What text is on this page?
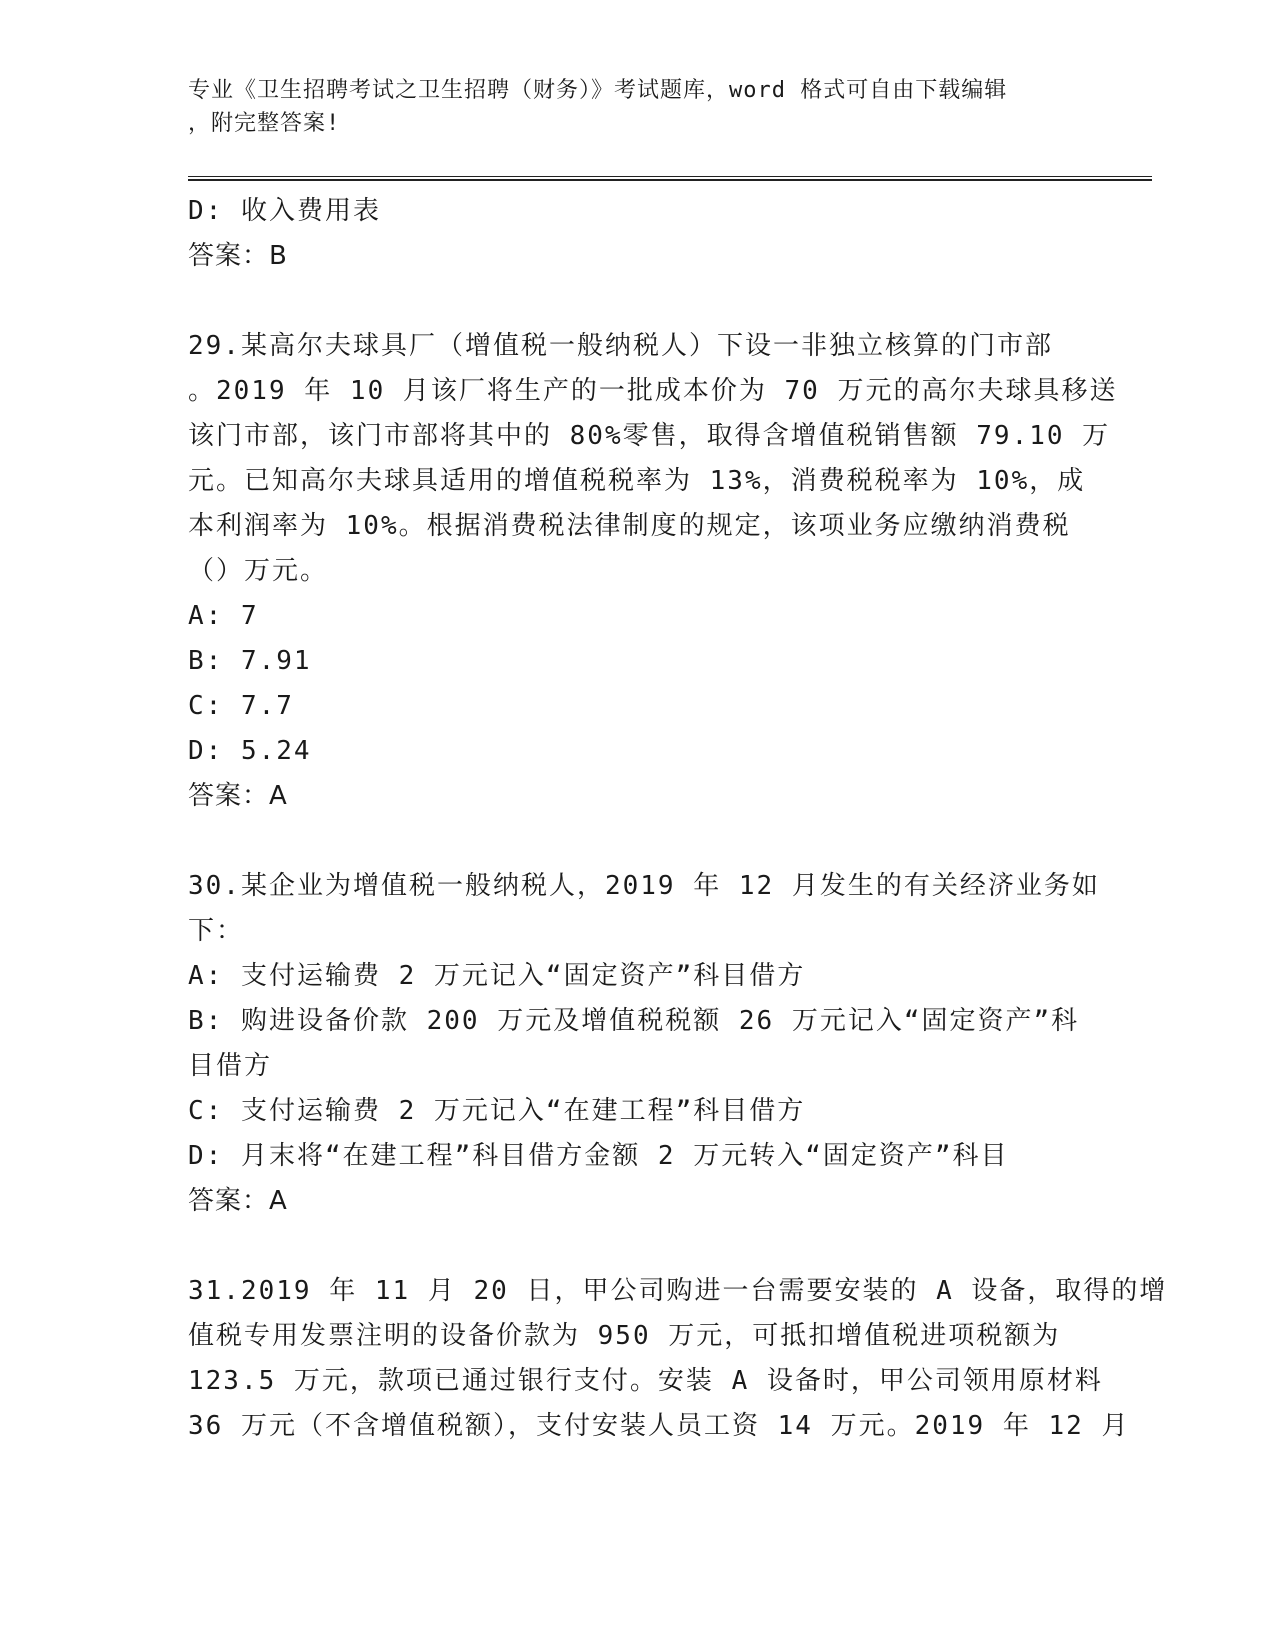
专业《卫生招聘考试之卫生招聘（财务）》考试题库，word 格式可自由下载编辑
，附完整答案!
D: 收入费用表
答案：B
29.某高尔夫球具厂（增值税一般纳税人）下设一非独立核算的门市部
。2019 年 10 月该厂将生产的一批成本价为 70 万元的高尔夫球具移送
该门市部，该门市部将其中的 80%零售，取得含增值税销售额 79.10 万
元。已知高尔夫球具适用的增值税税率为 13%，消费税税率为 10%，成
本利润率为 10%。根据消费税法律制度的规定，该项业务应缴纳消费税
（）万元。
A: 7
B: 7.91
C: 7.7
D: 5.24
答案：A
30.某企业为增值税一般纳税人，2019 年 12 月发生的有关经济业务如
下：
A: 支付运输费 2 万元记入“固定资产”科目借方
B: 购进设备价款 200 万元及增值税税额 26 万元记入“固定资产”科
目借方
C: 支付运输费 2 万元记入“在建工程”科目借方
D: 月末将“在建工程”科目借方金额 2 万元转入“固定资产”科目
答案：A
31.2019 年 11 月 20 日，甲公司购进一台需要安装的 A 设备，取得的增
值税专用发票注明的设备价款为 950 万元，可抵扣增值税进项税额为
123.5 万元，款项已通过银行支付。安装 A 设备时，甲公司领用原材料
36 万元（不含增值税额），支付安装人员工资 14 万元。2019 年 12 月
